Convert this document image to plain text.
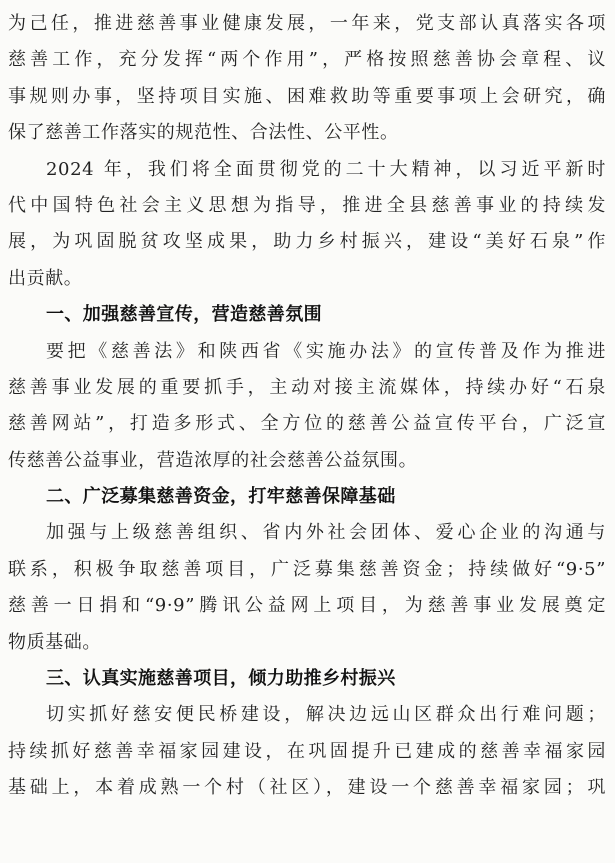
为己任，推进慈善事业健康发展，一年来，党支部认真落实各项
慈善工作，充分发挥“两个作用”，严格按照慈善协会章程、议
事规则办事，坚持项目实施、困难救助等重要事项上会研究，确
保了慈善工作落实的规范性、合法性、公平性。
2024 年，我们将全面贯彻党的二十大精神，以习近平新时
代中国特色社会主义思想为指导，推进全县慈善事业的持续发
展，为巩固脱贫攻坚成果，助力乡村振兴，建设“美好石泉”作
出贡献。
一、加强慈善宣传，营造慈善氛围
要把《慈善法》和陕西省《实施办法》的宣传普及作为推进
慈善事业发展的重要抓手，主动对接主流媒体，持续办好“石泉
慈善网站”，打造多形式、全方位的慈善公益宣传平台，广泛宣
传慈善公益事业，营造浓厚的社会慈善公益氛围。
二、广泛募集慈善资金，打牢慈善保障基础
加强与上级慈善组织、省内外社会团体、爱心企业的沟通与
联系，积极争取慈善项目，广泛募集慈善资金；持续做好“9·5”
慈善一日捐和“9·9”腾讯公益网上项目，为慈善事业发展奠定
物质基础。
三、认真实施慈善项目，倾力助推乡村振兴
切实抓好慈安便民桥建设，解决边远山区群众出行难问题；
持续抓好慈善幸福家园建设，在巩固提升已建成的慈善幸福家园
基础上，本着成熟一个村（社区），建设一个慈善幸福家园；巩
